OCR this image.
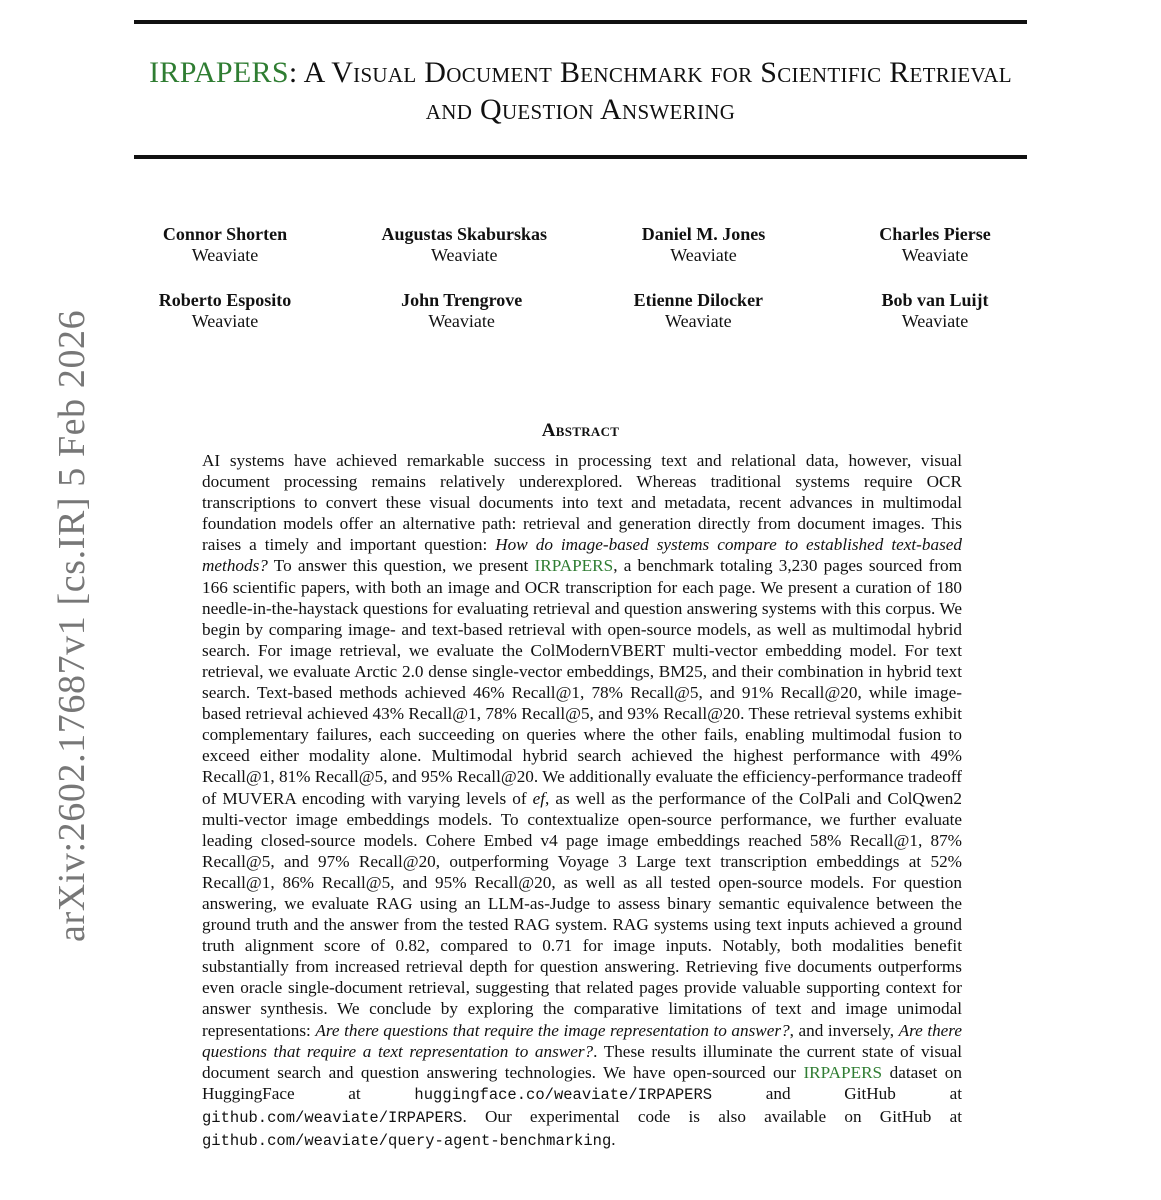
IRPAPERS: A Visual Document Benchmark for Scientific Retrieval and Question Answering
Connor Shorten
Weaviate
Augustas Skaburskas
Weaviate
Daniel M. Jones
Weaviate
Charles Pierse
Weaviate
Roberto Esposito
Weaviate
John Trengrove
Weaviate
Etienne Dilocker
Weaviate
Bob van Luijt
Weaviate
arXiv:2602.17687v1 [cs.IR] 5 Feb 2026	Abstract
AI systems have achieved remarkable success in processing text and relational data, however, visual document processing remains relatively underexplored. Whereas traditional systems require OCR transcriptions to convert these visual documents into text and metadata, recent advances in multimodal foundation models offer an alternative path: retrieval and generation directly from document images. This raises a timely and important question: How do image-based systems compare to established text-based methods? To answer this question, we present IRPAPERS, a benchmark totaling 3,230 pages sourced from 166 scientific papers, with both an image and OCR transcription for each page. We present a curation of 180 needle-in-the-haystack questions for evaluating retrieval and question answering systems with this corpus. We begin by comparing image- and text-based retrieval with open-source models, as well as multimodal hybrid search. For image retrieval, we evaluate the ColModernVBERT multi-vector embedding model. For text retrieval, we evaluate Arctic 2.0 dense single-vector embeddings, BM25, and their combination in hybrid text search. Text-based methods achieved 46% Recall@1, 78% Recall@5, and 91% Recall@20, while image-based retrieval achieved 43% Recall@1, 78% Recall@5, and 93% Recall@20. These retrieval systems exhibit complementary failures, each succeeding on queries where the other fails, enabling multimodal fusion to exceed either modality alone. Multimodal hybrid search achieved the highest performance with 49% Recall@1, 81% Recall@5, and 95% Recall@20. We additionally evaluate the efficiency-performance tradeoff of MUVERA encoding with varying levels of ef, as well as the performance of the ColPali and ColQwen2 multi-vector image embeddings models. To contextualize open-source performance, we further evaluate leading closed-source models. Cohere Embed v4 page image embeddings reached 58% Recall@1, 87% Recall@5, and 97% Recall@20, outperforming Voyage 3 Large text transcription embeddings at 52% Recall@1, 86% Recall@5, and 95% Recall@20, as well as all tested open-source models. For question answering, we evaluate RAG using an LLM-as-Judge to assess binary semantic equivalence between the ground truth and the answer from the tested RAG system. RAG systems using text inputs achieved a ground truth alignment score of 0.82, compared to 0.71 for image inputs. Notably, both modalities benefit substantially from increased retrieval depth for question answering. Retrieving five documents outperforms even oracle single-document retrieval, suggesting that related pages provide valuable supporting context for answer synthesis. We conclude by exploring the comparative limitations of text and image unimodal representations: Are there questions that require the image representation to answer?, and inversely, Are there questions that require a text representation to answer?. These results illuminate the current state of visual document search and question answering technologies. We have open-sourced our IRPAPERS dataset on HuggingFace at huggingface.co/weaviate/IRPAPERS and GitHub at github.com/weaviate/IRPAPERS. Our experimental code is also available on GitHub at github.com/weaviate/query-agent-benchmarking.
